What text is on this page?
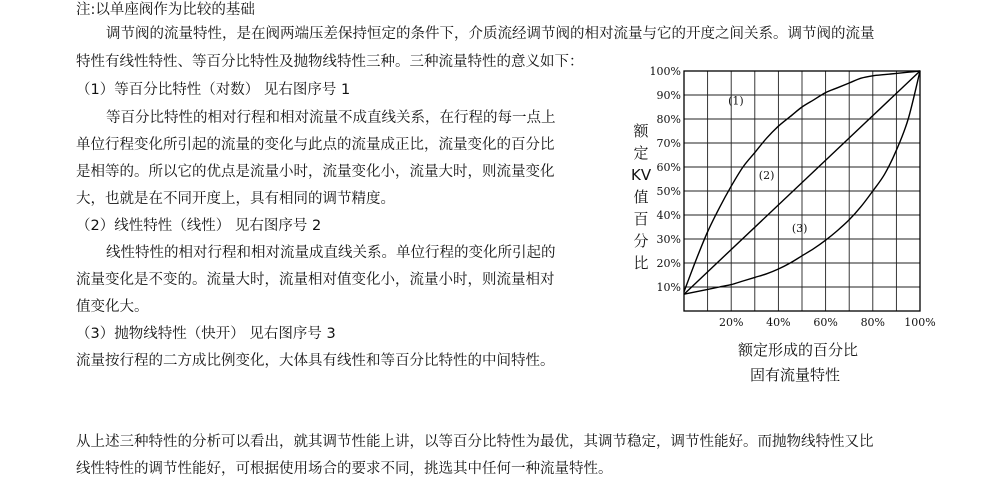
注:以单座阀作为比较的基础
调节阀的流量特性，是在阀两端压差保持恒定的条件下，介质流经调节阀的相对流量与它的开度之间关系。调节阀的流量
特性有线性特性、等百分比特性及抛物线特性三种。三种流量特性的意义如下：
（1）等百分比特性（对数） 见右图序号 1
等百分比特性的相对行程和相对流量不成直线关系，在行程的每一点上
单位行程变化所引起的流量的变化与此点的流量成正比，流量变化的百分比
是相等的。所以它的优点是流量小时，流量变化小，流量大时，则流量变化
大，也就是在不同开度上，具有相同的调节精度。
（2）线性特性（线性） 见右图序号 2
线性特性的相对行程和相对流量成直线关系。单位行程的变化所引起的
流量变化是不变的。流量大时，流量相对值变化小，流量小时，则流量相对
值变化大。
（3）抛物线特性（快开） 见右图序号 3
流量按行程的二方成比例变化，大体具有线性和等百分比特性的中间特性。
从上述三种特性的分析可以看出，就其调节性能上讲，以等百分比特性为最优，其调节稳定，调节性能好。而抛物线特性又比
线性特性的调节性能好，可根据使用场合的要求不同，挑选其中任何一种流量特性。
额
定
KV
值
百
分
比
10%
20%
30%
40%
50%
60%
70%
80%
90%
100%
20% 40% 60% 80% 100%
(1)
(2)
(3)
额定形成的百分比
固有流量特性
